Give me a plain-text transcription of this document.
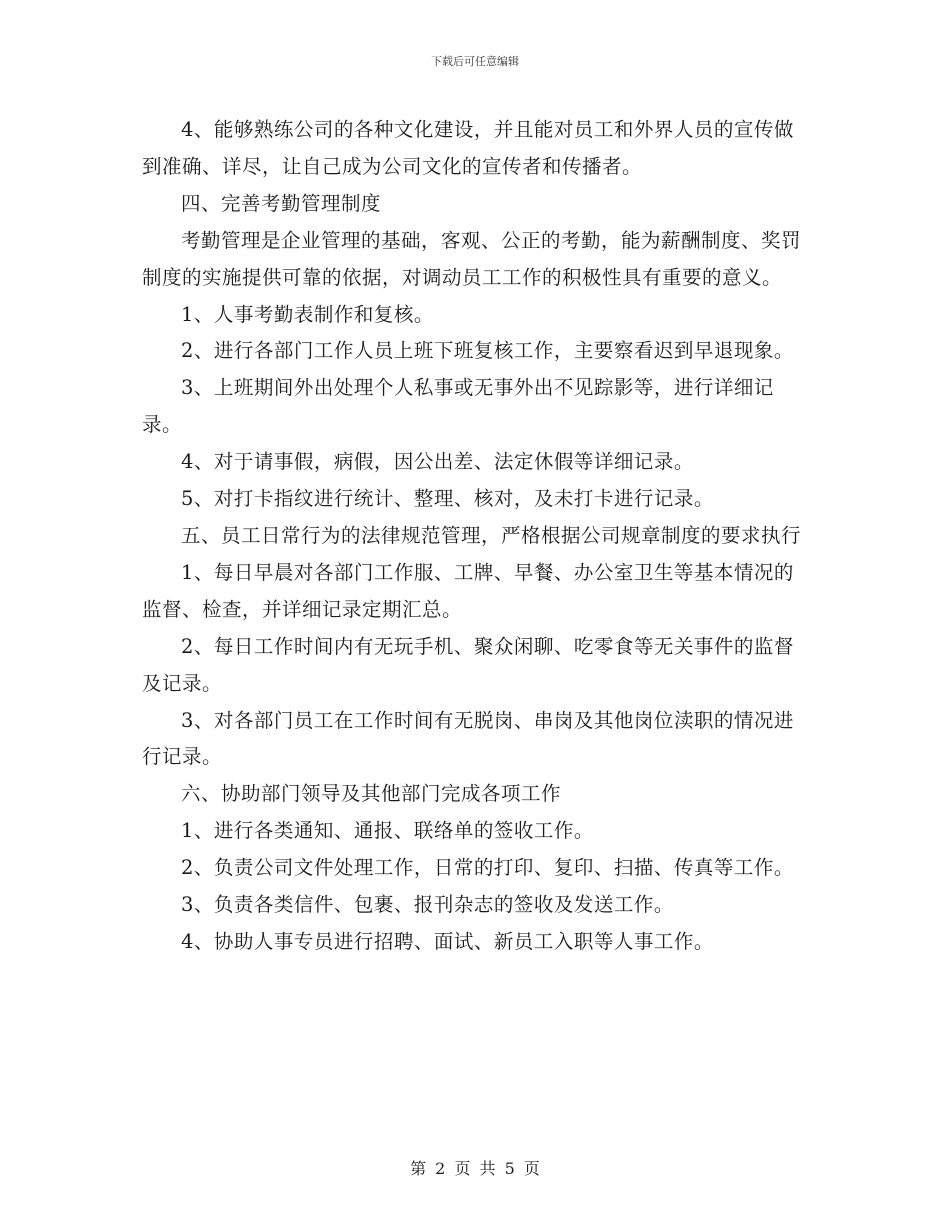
下载后可任意编辑

4、能够熟练公司的各种文化建设，并且能对员工和外界人员的宣传做到准确、详尽，让自己成为公司文化的宣传者和传播者。

四、完善考勤管理制度

考勤管理是企业管理的基础，客观、公正的考勤，能为薪酬制度、奖罚制度的实施提供可靠的依据，对调动员工工作的积极性具有重要的意义。

1、人事考勤表制作和复核。

2、进行各部门工作人员上班下班复核工作，主要察看迟到早退现象。

3、上班期间外出处理个人私事或无事外出不见踪影等，进行详细记录。

4、对于请事假，病假，因公出差、法定休假等详细记录。

5、对打卡指纹进行统计、整理、核对，及未打卡进行记录。

五、员工日常行为的法律规范管理，严格根据公司规章制度的要求执行

1、每日早晨对各部门工作服、工牌、早餐、办公室卫生等基本情况的监督、检查，并详细记录定期汇总。

2、每日工作时间内有无玩手机、聚众闲聊、吃零食等无关事件的监督及记录。

3、对各部门员工在工作时间有无脱岗、串岗及其他岗位渎职的情况进行记录。

六、协助部门领导及其他部门完成各项工作

1、进行各类通知、通报、联络单的签收工作。

2、负责公司文件处理工作，日常的打印、复印、扫描、传真等工作。

3、负责各类信件、包裹、报刊杂志的签收及发送工作。

4、协助人事专员进行招聘、面试、新员工入职等人事工作。

第 2 页 共 5 页
